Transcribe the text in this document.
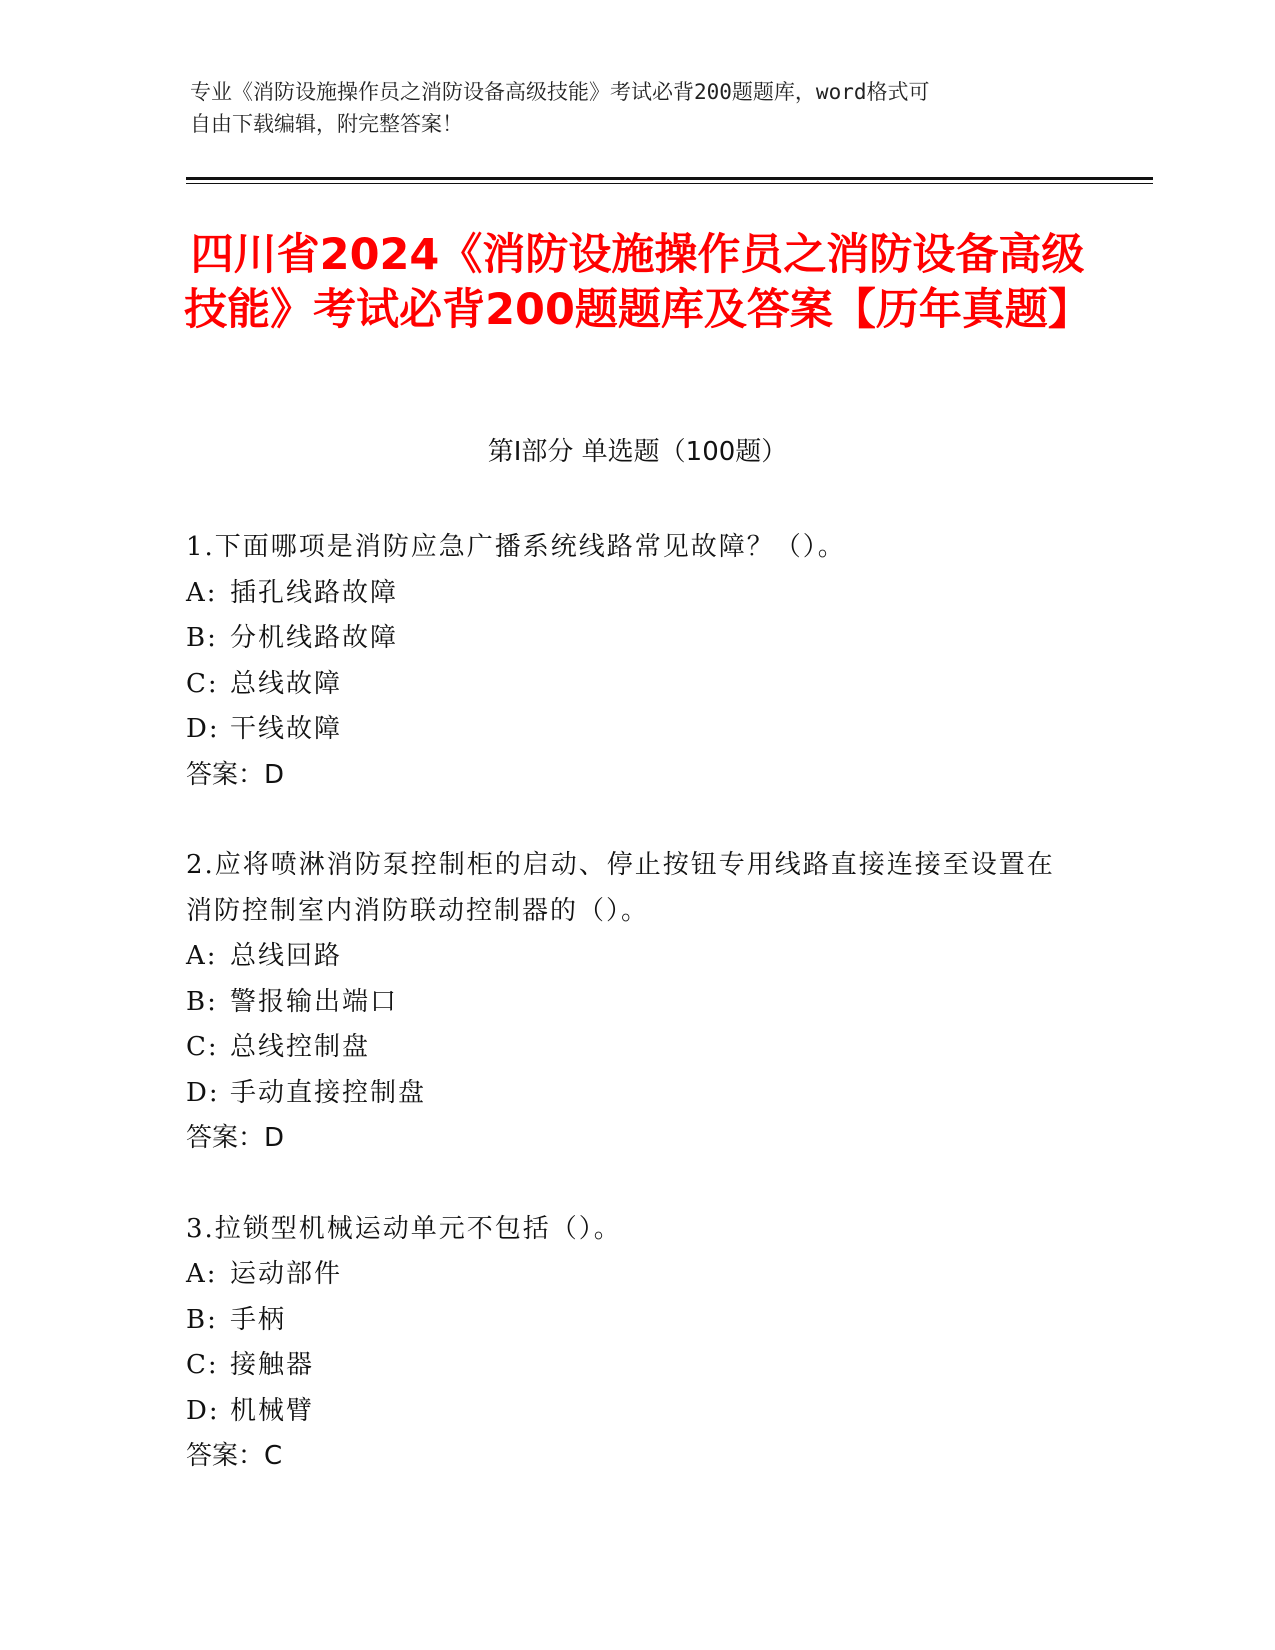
专业《消防设施操作员之消防设备高级技能》考试必背200题题库，word格式可
自由下载编辑，附完整答案！
四川省2024《消防设施操作员之消防设备高级技能》考试必背200题题库及答案【历年真题】
第Ⅰ部分 单选题（100题）
1.下面哪项是消防应急广播系统线路常见故障？（）。
A: 插孔线路故障
B: 分机线路故障
C: 总线故障
D: 干线故障
答案：D
2.应将喷淋消防泵控制柜的启动、停止按钮专用线路直接连接至设置在消防控制室内消防联动控制器的（）。
A: 总线回路
B: 警报输出端口
C: 总线控制盘
D: 手动直接控制盘
答案：D
3.拉锁型机械运动单元不包括（）。
A: 运动部件
B: 手柄
C: 接触器
D: 机械臂
答案：C
